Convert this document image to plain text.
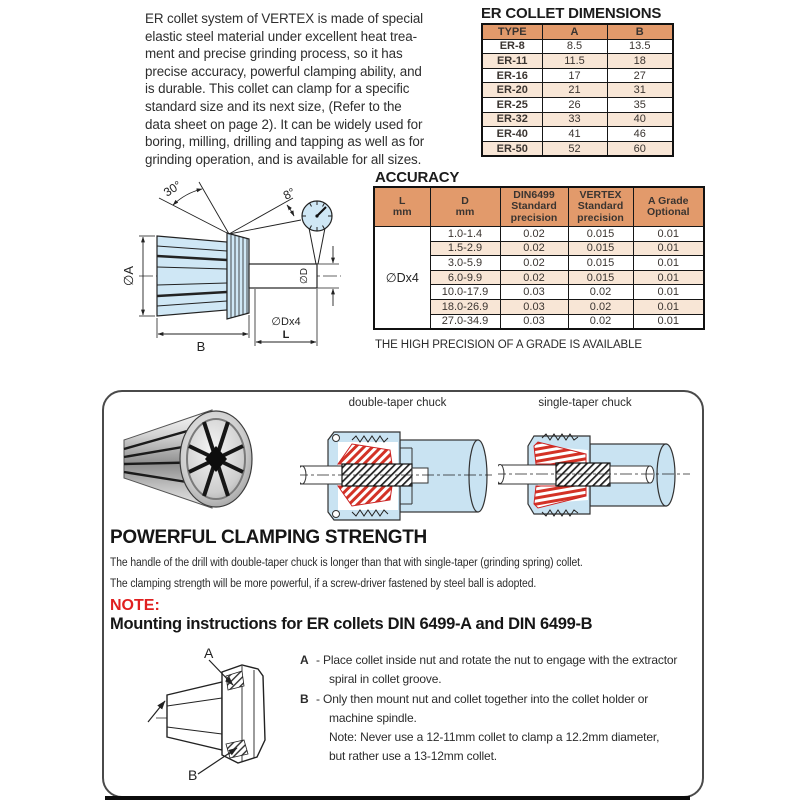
ER collet system of VERTEX is made of special
elastic steel material under excellent heat trea-
ment and precise grinding process, so it has
precise accuracy, powerful clamping ability, and
is durable. This collet can clamp for a specific
standard size and its next size, (Refer to the
data sheet on page 2). It can be widely used for
boring, milling, drilling and tapping as well as for
grinding operation, and is available for all sizes.
ER COLLET DIMENSIONS
TYPE	A	B
ER-8	8.5	13.5
ER-11	11.5	18
ER-16	17	27
ER-20	21	31
ER-25	26	35
ER-32	33	40
ER-40	41	46
ER-50	52	60
ACCURACY
L
mm

D
mm

DIN6499
Standard
precision

VERTEX
Standard
precision

A Grade
Optional

∅Dx4	1.0-1.4	0.02	0.015	0.01
	1.5-2.9	0.02	0.015	0.01
	3.0-5.9	0.02	0.015	0.01
	6.0-9.9	0.02	0.015	0.01
	10.0-17.9	0.03	0.02	0.01
	18.0-26.9	0.03	0.02	0.01
	27.0-34.9	0.03	0.02	0.01
THE HIGH PRECISION OF A GRADE IS AVAILABLE
30°	8°
∅A
B
∅Dx4
L
∅D
double-taper chuck	single-taper chuck
POWERFUL CLAMPING STRENGTH
The handle of the drill with double-taper chuck is longer than that with single-taper (grinding spring) collet.
The clamping strength will be more powerful, if a screw-driver fastened by steel ball is adopted.
NOTE:
Mounting instructions for ER collets DIN 6499-A and DIN 6499-B
A
B
A - Place collet inside nut and rotate the nut to engage with the extractor
spiral in collet groove.
B - Only then mount nut and collet together into the collet holder or
machine spindle.
Note: Never use a 12-11mm collet to clamp a 12.2mm diameter,
but rather use a 13-12mm collet.
